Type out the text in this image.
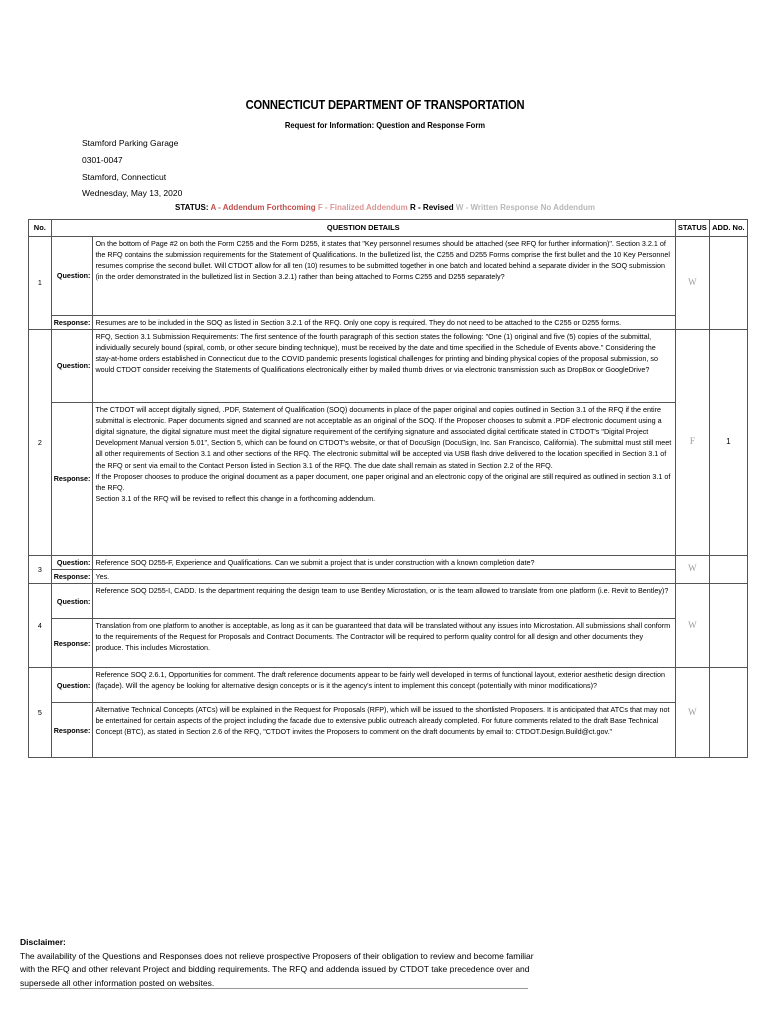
CONNECTICUT DEPARTMENT OF TRANSPORTATION
Request for Information: Question and Response Form
Stamford Parking Garage
0301-0047
Stamford, Connecticut
Wednesday, May 13, 2020
STATUS: A - Addendum Forthcoming F - Finalized Addendum R - Revised W - Written Response No Addendum
No.	QUESTION DETAILS		STATUS	ADD. No.
1	Question:	On the bottom of Page #2 on both the Form C255 and the Form D255, it states that "Key personnel resumes should be attached (see RFQ for further information)". Section 3.2.1 of the RFQ contains the submission requirements for the Statement of Qualifications. In the bulletized list, the C255 and D255 Forms comprise the first bullet and the 10 Key Personnel resumes comprise the second bullet. Will CTDOT allow for all ten (10) resumes to be submitted together in one batch and located behind a separate divider in the SOQ submission (in the order demonstrated in the bulletized list in Section 3.2.1) rather than being attached to Forms C255 and D255 separately?	W	
	Response:	Resumes are to be included in the SOQ as listed in Section 3.2.1 of the RFQ. Only one copy is required. They do not need to be attached to the C255 or D255 forms.		
2	Question:	RFQ, Section 3.1 Submission Requirements: The first sentence of the fourth paragraph of this section states the following: "One (1) original and five (5) copies of the submittal, individually securely bound (spiral, comb, or other secure binding technique), must be received by the date and time specified in the Schedule of Events above." Considering the stay-at-home orders established in Connecticut due to the COVID pandemic presents logistical challenges for printing and binding physical copies of the proposal submission, so would CTDOT consider receiving the Statements of Qualifications electronically either by mailed thumb drives or via electronic transmission such as DropBox or GoogleDrive?	F	1
	Response:	The CTDOT will accept digitally signed, .PDF, Statement of Qualification (SOQ) documents in place of the paper original and copies outlined in Section 3.1 of the RFQ if the entire submittal is electronic. Paper documents signed and scanned are not acceptable as an original of the SOQ. If the Proposer chooses to submit a .PDF electronic document using a digital signature, the digital signature must meet the digital signature requirement of the certifying signature and associated digital certificate stated in CTDOT's "Digital Project Development Manual version 5.01", Section 5, which can be found on CTDOT's website, or that of DocuSign (DocuSign, Inc. San Francisco, California). The submittal must still meet all other requirements of Section 3.1 and other sections of the RFQ. The electronic submittal will be accepted via USB flash drive delivered to the location specified in Section 3.1 of the RFQ or sent via email to the Contact Person listed in Section 3.1 of the RFQ. The due date shall remain as stated in Section 2.2 of the RFQ.

If the Proposer chooses to produce the original document as a paper document, one paper original and an electronic copy of the original are still required as outlined in section 3.1 of the RFQ.

Section 3.1 of the RFQ will be revised to reflect this change in a forthcoming addendum.		

3	Question:	Reference SOQ D255-F, Experience and Qualifications. Can we submit a project that is under construction with a known completion date?	W	
	Response:	Yes.		
4	Question:	Reference SOQ D255-I, CADD. Is the department requiring the design team to use Bentley Microstation, or is the team allowed to translate from one platform (i.e. Revit to Bentley)?	W	
	Response:	Translation from one platform to another is acceptable, as long as it can be guaranteed that data will be translated without any issues into Microstation. All submissions shall conform to the requirements of the Request for Proposals and Contract Documents. The Contractor will be required to perform quality control for all design and other documents they produce. This includes Microstation.		
5	Question:	Reference SOQ 2.6.1, Opportunities for comment. The draft reference documents appear to be fairly well developed in terms of functional layout, exterior aesthetic design direction (façade). Will the agency be looking for alternative design concepts or is it the agency's intent to implement this concept (potentially with minor modifications)?	W	
	Response:	Alternative Technical Concepts (ATCs) will be explained in the Request for Proposals (RFP), which will be issued to the shortlisted Proposers. It is anticipated that ATCs that may not be entertained for certain aspects of the project including the facade due to extensive public outreach already completed. For future comments related to the draft Base Technical Concept (BTC), as stated in Section 2.6 of the RFQ, "CTDOT invites the Proposers to comment on the draft documents by email to: CTDOT.Design.Build@ct.gov."		
Disclaimer:
The availability of the Questions and Responses does not relieve prospective Proposers of their obligation to review and become familiar with the RFQ and other relevant Project and bidding requirements. The RFQ and addenda issued by CTDOT take precedence over and supersede all other information posted on websites.
